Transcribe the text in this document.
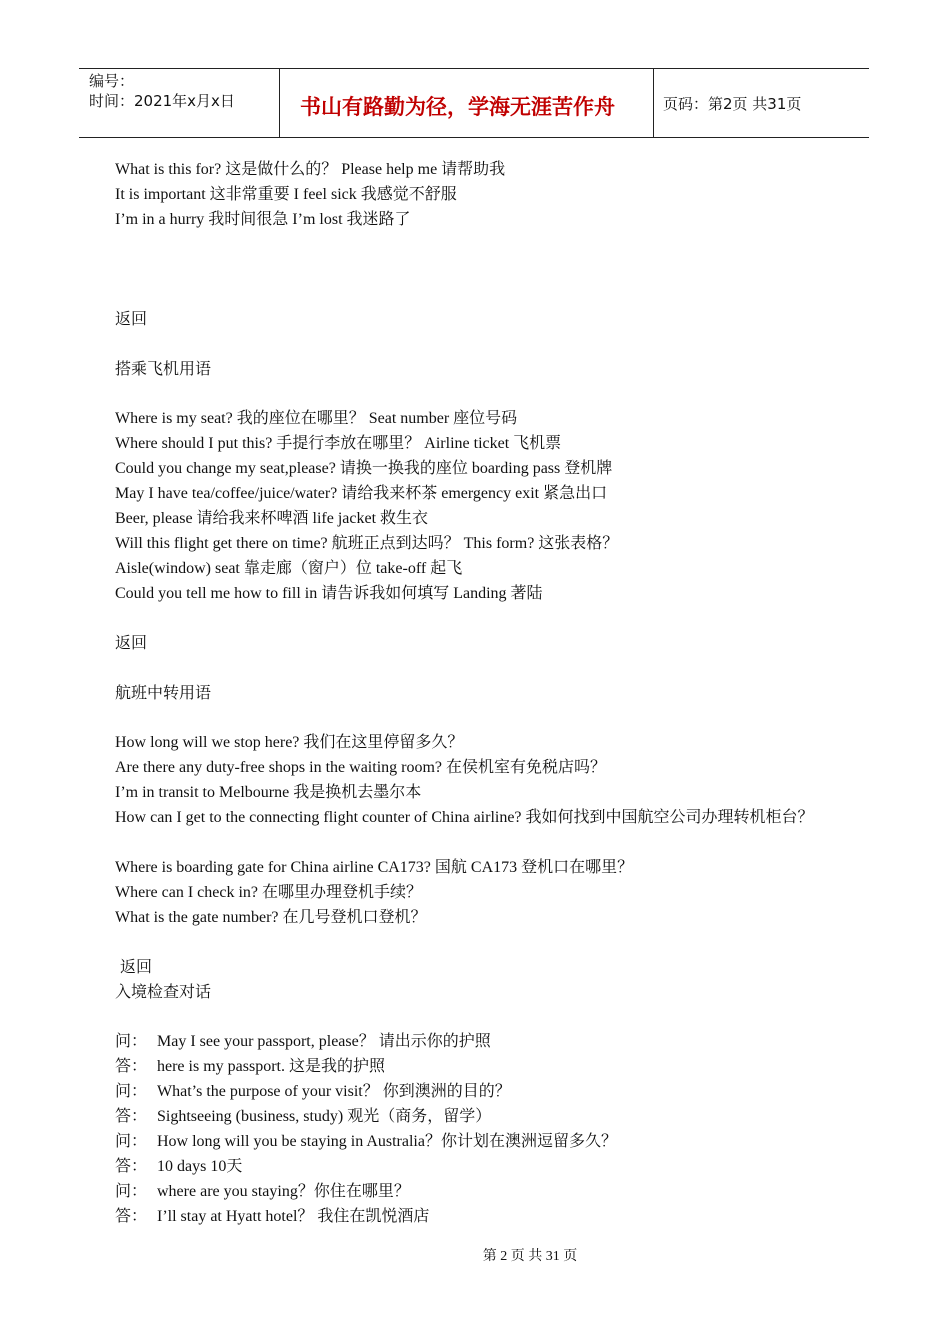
编号：
时间：2021年x月x日	书山有路勤为径，学海无涯苦作舟	页码：第2页 共31页
What is this for? 这是做什么的？ Please help me 请帮助我
It is important 这非常重要 I feel sick 我感觉不舒服
I’m in a hurry 我时间很急 I’m lost 我迷路了
返回
搭乘飞机用语
Where is my seat? 我的座位在哪里？ Seat number 座位号码
Where should I put this? 手提行李放在哪里？ Airline ticket 飞机票
Could you change my seat,please? 请换一换我的座位 boarding pass 登机牌
May I have tea/coffee/juice/water? 请给我来杯茶 emergency exit 紧急出口
Beer, please 请给我来杯啤酒 life jacket 救生衣
Will this flight get there on time? 航班正点到达吗？ This form? 这张表格？
Aisle(window) seat 靠走廊（窗户）位 take-off 起飞
Could you tell me how to fill in 请告诉我如何填写 Landing 著陆
返回
航班中转用语
How long will we stop here? 我们在这里停留多久？
Are there any duty-free shops in the waiting room? 在侯机室有免税店吗？
I’m in transit to Melbourne 我是换机去墨尔本
How can I get to the connecting flight counter of China airline? 我如何找到中国航空公司办理转机柜台？
Where is boarding gate for China airline CA173? 国航 CA173 登机口在哪里？
Where can I check in? 在哪里办理登机手续？
What is the gate number? 在几号登机口登机？
返回
入境检查对话
问： May I see your passport, please？ 请出示你的护照
答： here is my passport. 这是我的护照
问： What’s the purpose of your visit？ 你到澳洲的目的？
答： Sightseeing (business, study) 观光（商务，留学）
问： How long will you be staying in Australia？你计划在澳洲逗留多久？
答： 10 days 10天
问： where are you staying？你住在哪里？
答： I’ll stay at Hyatt hotel？ 我住在凯悦酒店
第 2 页 共 31 页
